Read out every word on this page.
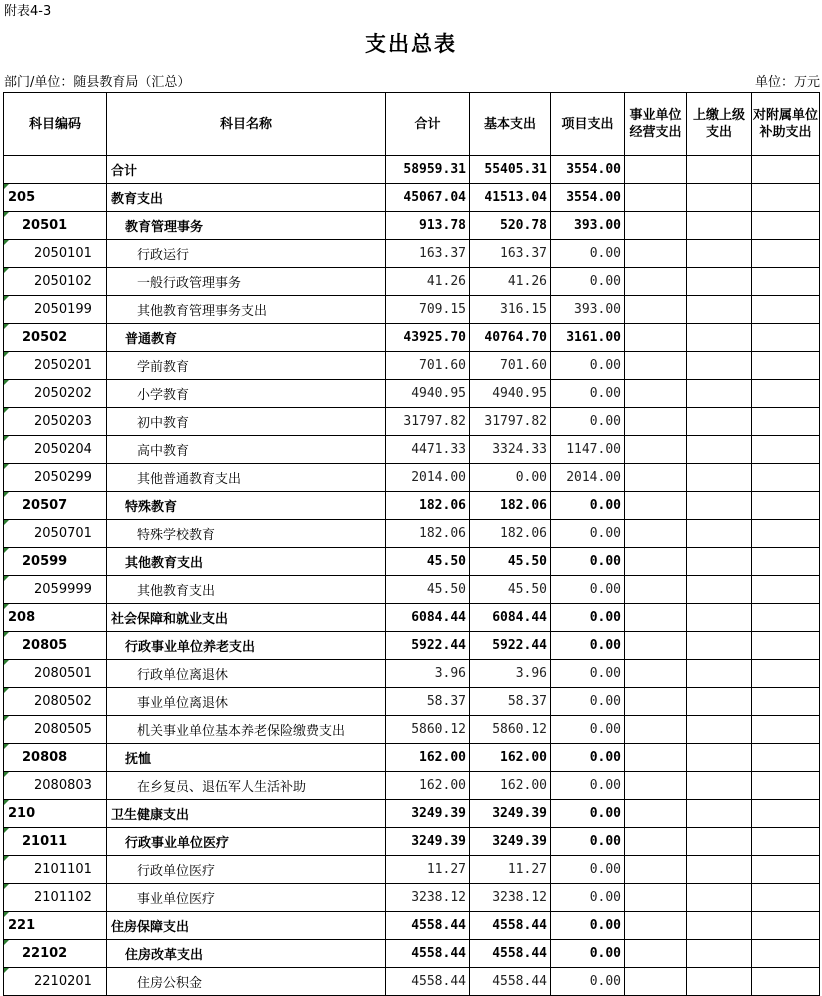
附表4-3
支出总表
部门/单位：随县教育局（汇总）	单位：万元
科目编码	科目名称	合计	基本支出	项目支出	事业单位经营支出	上缴上级支出	对附属单位补助支出
	合计	58959.31	55405.31	3554.00			
205	教育支出	45067.04	41513.04	3554.00			
20501	教育管理事务	913.78	520.78	393.00			
2050101	行政运行	163.37	163.37	0.00			
2050102	一般行政管理事务	41.26	41.26	0.00			
2050199	其他教育管理事务支出	709.15	316.15	393.00			
20502	普通教育	43925.70	40764.70	3161.00			
2050201	学前教育	701.60	701.60	0.00			
2050202	小学教育	4940.95	4940.95	0.00			
2050203	初中教育	31797.82	31797.82	0.00			
2050204	高中教育	4471.33	3324.33	1147.00			
2050299	其他普通教育支出	2014.00	0.00	2014.00			
20507	特殊教育	182.06	182.06	0.00			
2050701	特殊学校教育	182.06	182.06	0.00			
20599	其他教育支出	45.50	45.50	0.00			
2059999	其他教育支出	45.50	45.50	0.00			
208	社会保障和就业支出	6084.44	6084.44	0.00			
20805	行政事业单位养老支出	5922.44	5922.44	0.00			
2080501	行政单位离退休	3.96	3.96	0.00			
2080502	事业单位离退休	58.37	58.37	0.00			
2080505	机关事业单位基本养老保险缴费支出	5860.12	5860.12	0.00			
20808	抚恤	162.00	162.00	0.00			
2080803	在乡复员、退伍军人生活补助	162.00	162.00	0.00			
210	卫生健康支出	3249.39	3249.39	0.00			
21011	行政事业单位医疗	3249.39	3249.39	0.00			
2101101	行政单位医疗	11.27	11.27	0.00			
2101102	事业单位医疗	3238.12	3238.12	0.00			
221	住房保障支出	4558.44	4558.44	0.00			
22102	住房改革支出	4558.44	4558.44	0.00			
2210201	住房公积金	4558.44	4558.44	0.00			
